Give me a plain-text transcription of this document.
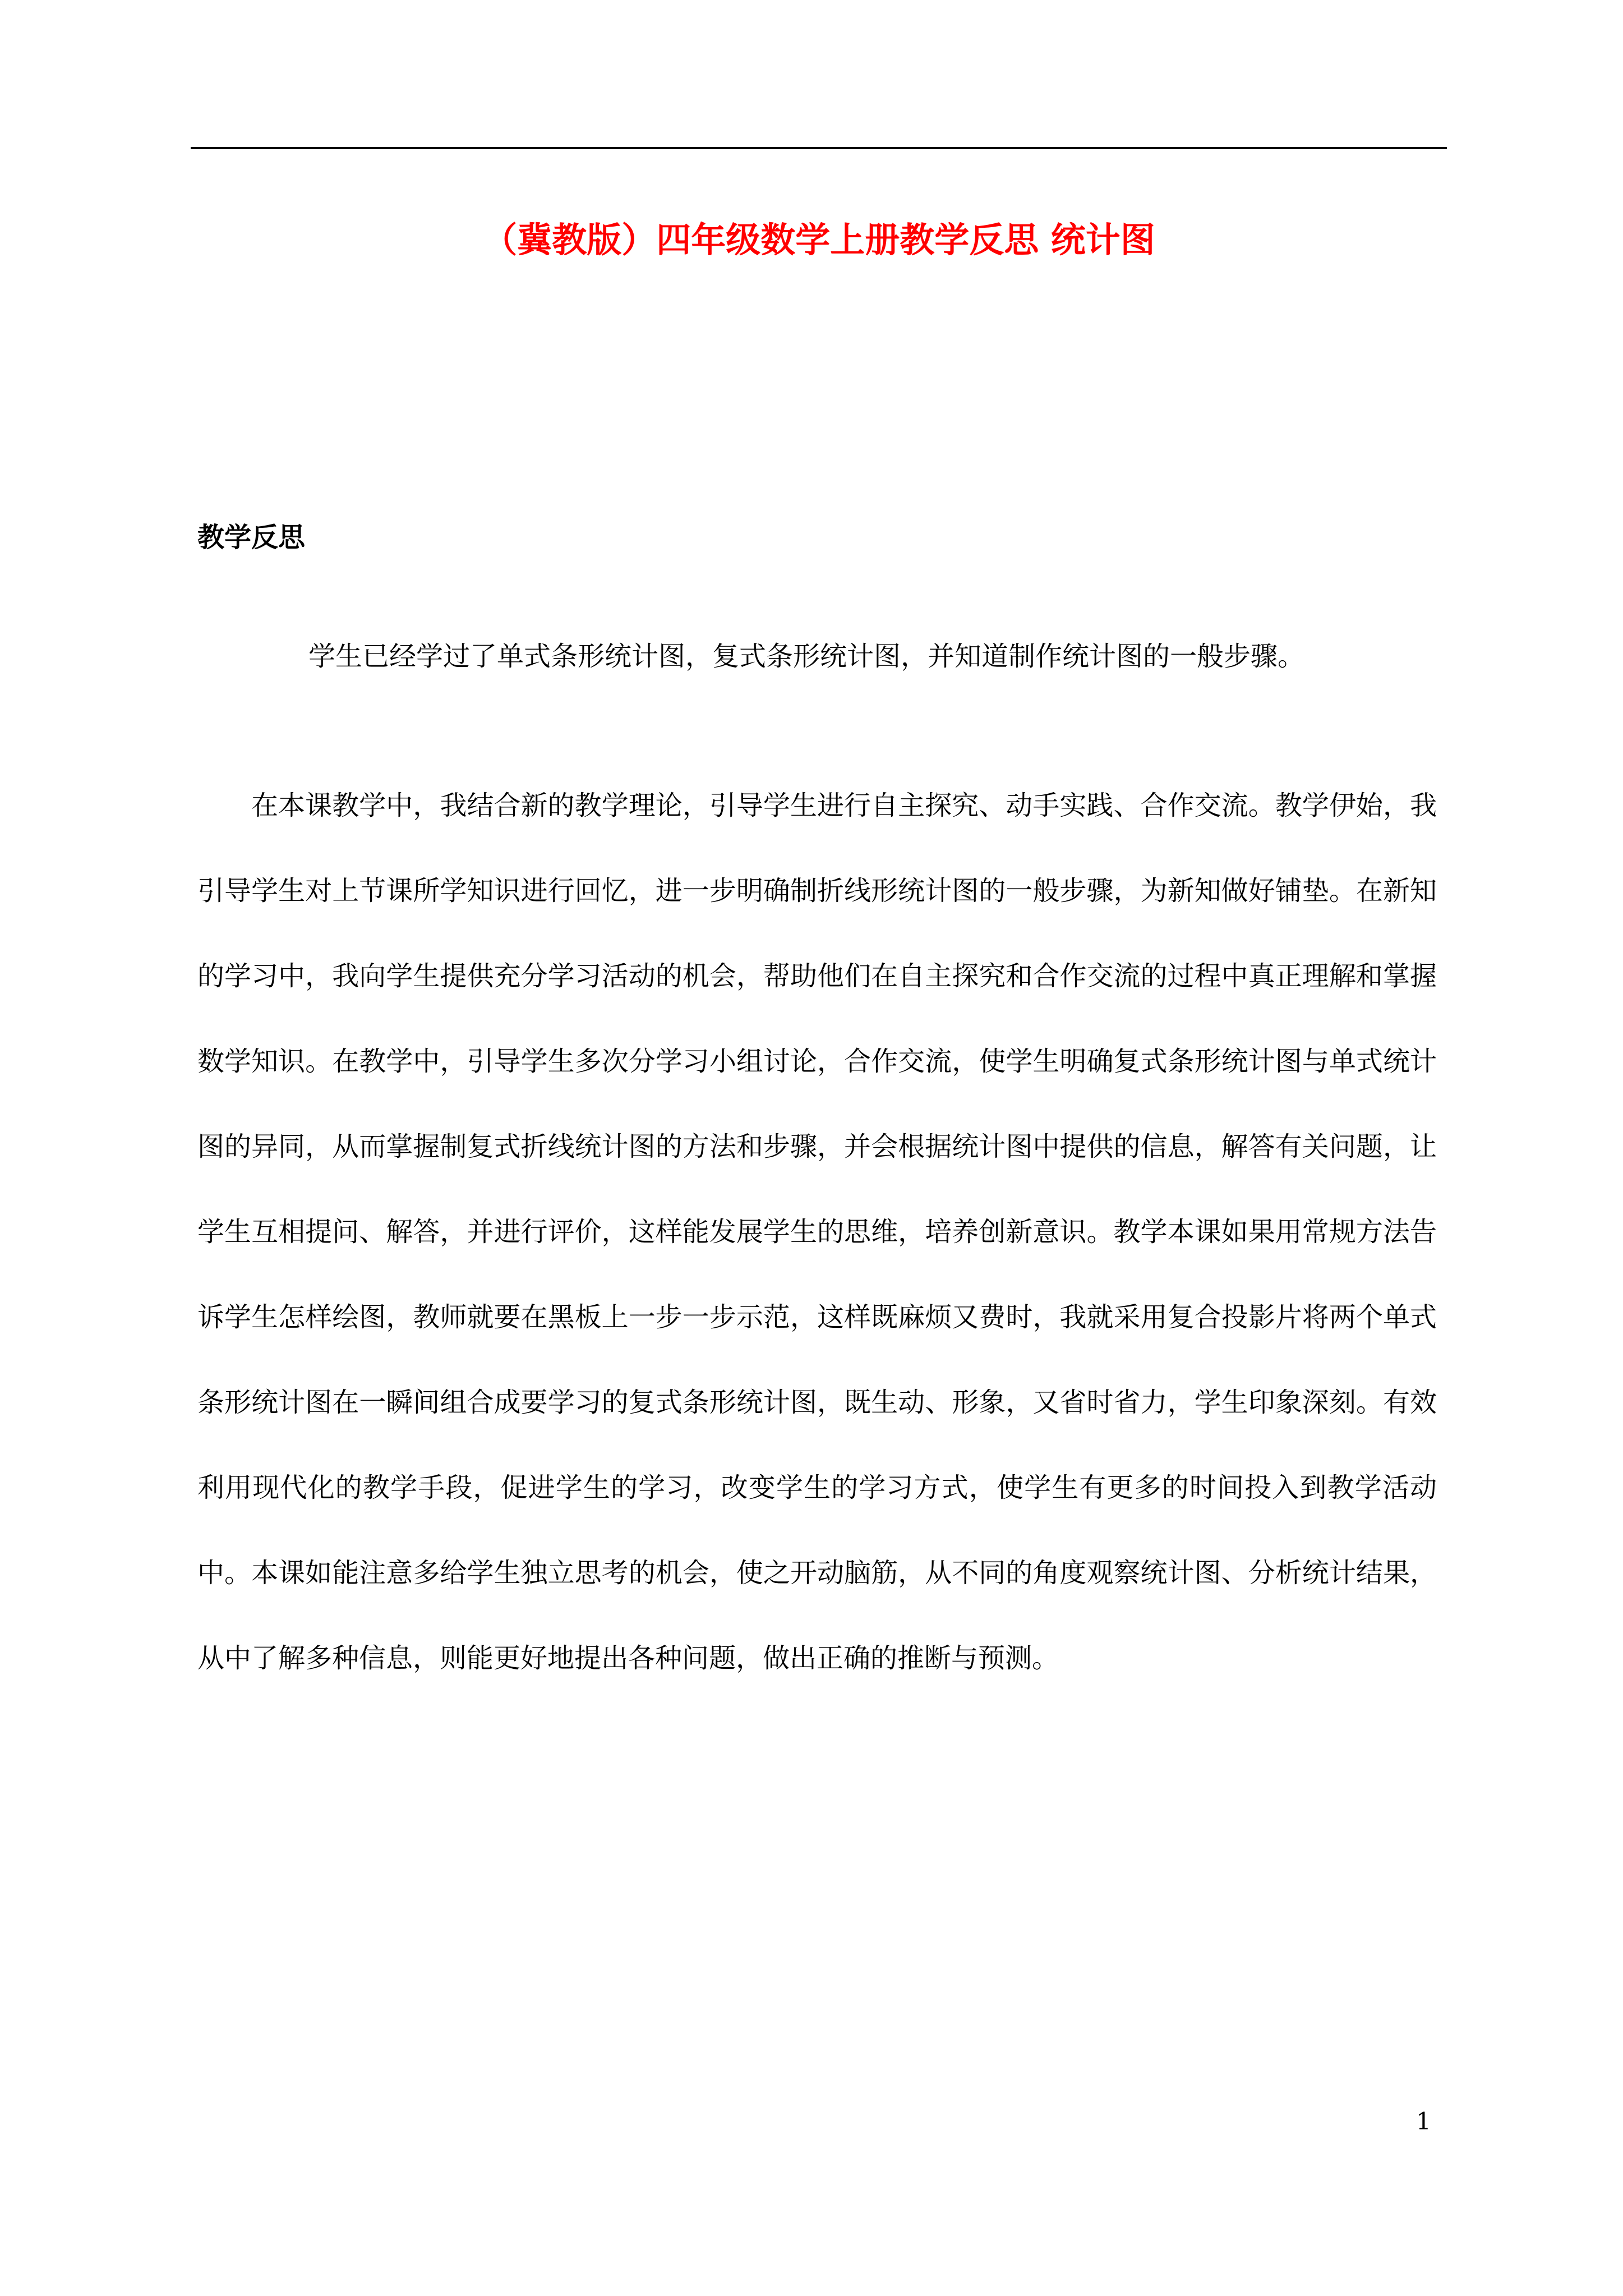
（冀教版）四年级数学上册教学反思 统计图
教学反思

学生已经学过了单式条形统计图，复式条形统计图，并知道制作统计图的一般步骤。

在本课教学中，我结合新的教学理论，引导学生进行自主探究、动手实践、合作交流。教学伊始，我引导学生对上节课所学知识进行回忆，进一步明确制折线形统计图的一般步骤，为新知做好铺垫。在新知的学习中，我向学生提供充分学习活动的机会，帮助他们在自主探究和合作交流的过程中真正理解和掌握数学知识。在教学中，引导学生多次分学习小组讨论，合作交流，使学生明确复式条形统计图与单式统计图的异同，从而掌握制复式折线统计图的方法和步骤，并会根据统计图中提供的信息，解答有关问题，让学生互相提问、解答，并进行评价，这样能发展学生的思维，培养创新意识。教学本课如果用常规方法告诉学生怎样绘图，教师就要在黑板上一步一步示范，这样既麻烦又费时，我就采用复合投影片将两个单式条形统计图在一瞬间组合成要学习的复式条形统计图，既生动、形象，又省时省力，学生印象深刻。有效利用现代化的教学手段，促进学生的学习，改变学生的学习方式，使学生有更多的时间投入到教学活动中。本课如能注意多给学生独立思考的机会，使之开动脑筋，从不同的角度观察统计图、分析统计结果，从中了解多种信息，则能更好地提出各种问题，做出正确的推断与预测。

1
